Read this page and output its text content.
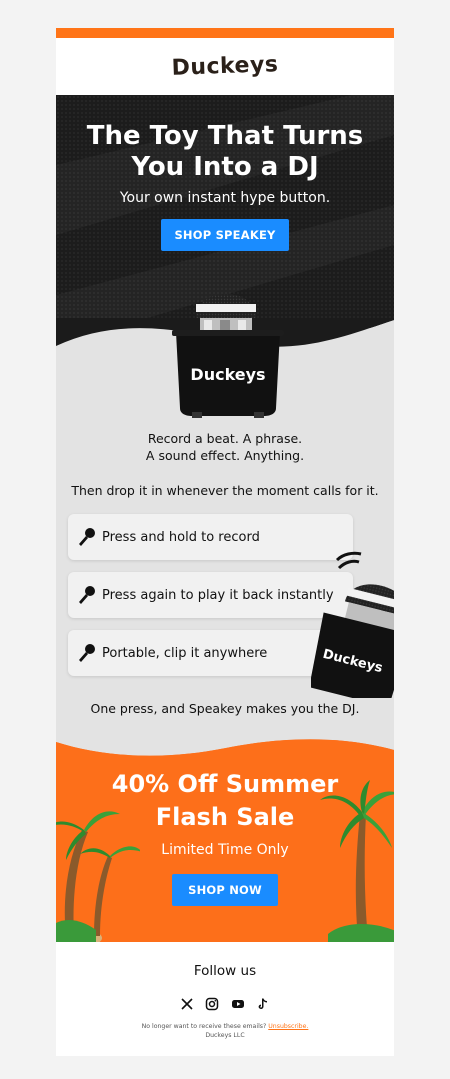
Duckeys
The Toy That Turns You Into a DJ
Your own instant hype button.
SHOP SPEAKEY
Duckeys
Record a beat. A phrase.
A sound effect. Anything.
Then drop it in whenever the moment calls for it.
Press and hold to record
Press again to play it back instantly
Portable, clip it anywhere	Duckeys
One press, and Speakey makes you the DJ.
40% Off Summer
Flash Sale
Limited Time Only
SHOP NOW
Follow us
No longer want to receive these emails? Unsubscribe.
Duckeys LLC
